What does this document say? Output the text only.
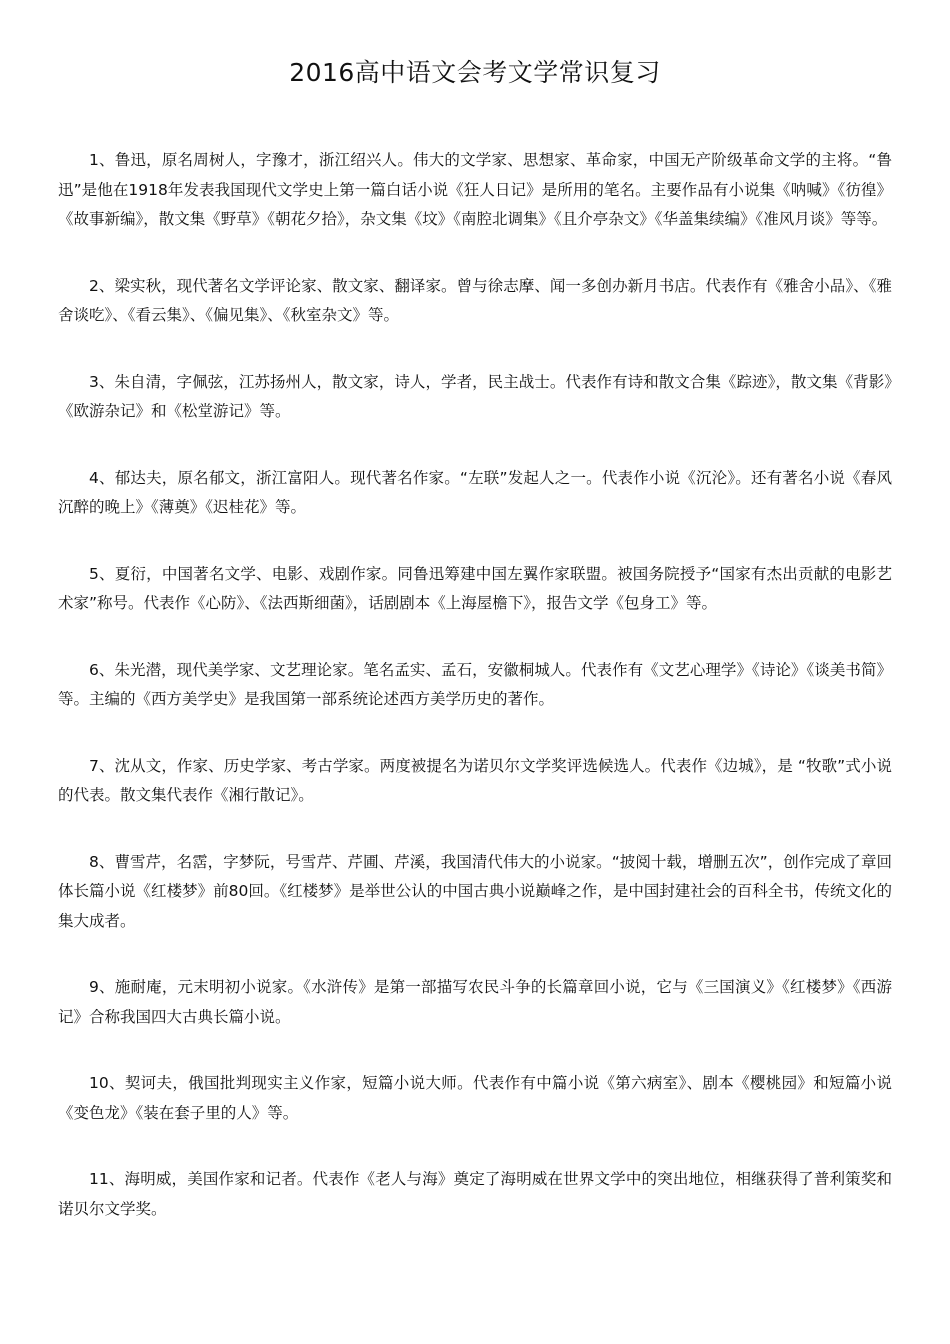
2016高中语文会考文学常识复习

1、鲁迅，原名周树人，字豫才，浙江绍兴人。伟大的文学家、思想家、革命家，中国无产阶级革命文学的主将。“鲁迅”是他在1918年发表我国现代文学史上第一篇白话小说《狂人日记》是所用的笔名。主要作品有小说集《呐喊》《彷徨》《故事新编》，散文集《野草》《朝花夕拾》，杂文集《坟》《南腔北调集》《且介亭杂文》《华盖集续编》《准风月谈》等等。

2、梁实秋，现代著名文学评论家、散文家、翻译家。曾与徐志摩、闻一多创办新月书店。代表作有《雅舍小品》、《雅舍谈吃》、《看云集》、《偏见集》、《秋室杂文》等。

3、朱自清，字佩弦，江苏扬州人，散文家，诗人，学者，民主战士。代表作有诗和散文合集《踪迹》，散文集《背影》《欧游杂记》和《松堂游记》等。

4、郁达夫，原名郁文，浙江富阳人。现代著名作家。“左联”发起人之一。代表作小说《沉沦》。还有著名小说《春风沉醉的晚上》《薄奠》《迟桂花》等。

5、夏衍，中国著名文学、电影、戏剧作家。同鲁迅筹建中国左翼作家联盟。被国务院授予“国家有杰出贡献的电影艺术家”称号。代表作《心防》、《法西斯细菌》，话剧剧本《上海屋檐下》，报告文学《包身工》等。

6、朱光潜，现代美学家、文艺理论家。笔名孟实、孟石，安徽桐城人。代表作有《文艺心理学》《诗论》《谈美书简》等。主编的《西方美学史》是我国第一部系统论述西方美学历史的著作。

7、沈从文，作家、历史学家、考古学家。两度被提名为诺贝尔文学奖评选候选人。代表作《边城》，是 “牧歌”式小说的代表。散文集代表作《湘行散记》。

8、曹雪芹，名霑，字梦阮，号雪芹、芹圃、芹溪，我国清代伟大的小说家。“披阅十载，增删五次”，创作完成了章回体长篇小说《红楼梦》前80回。《红楼梦》是举世公认的中国古典小说巅峰之作，是中国封建社会的百科全书，传统文化的集大成者。

9、施耐庵，元末明初小说家。《水浒传》是第一部描写农民斗争的长篇章回小说，它与《三国演义》《红楼梦》《西游记》合称我国四大古典长篇小说。

10、契诃夫，俄国批判现实主义作家，短篇小说大师。代表作有中篇小说《第六病室》、剧本《樱桃园》和短篇小说《变色龙》《装在套子里的人》等。

11、海明威，美国作家和记者。代表作《老人与海》奠定了海明威在世界文学中的突出地位，相继获得了普利策奖和诺贝尔文学奖。
